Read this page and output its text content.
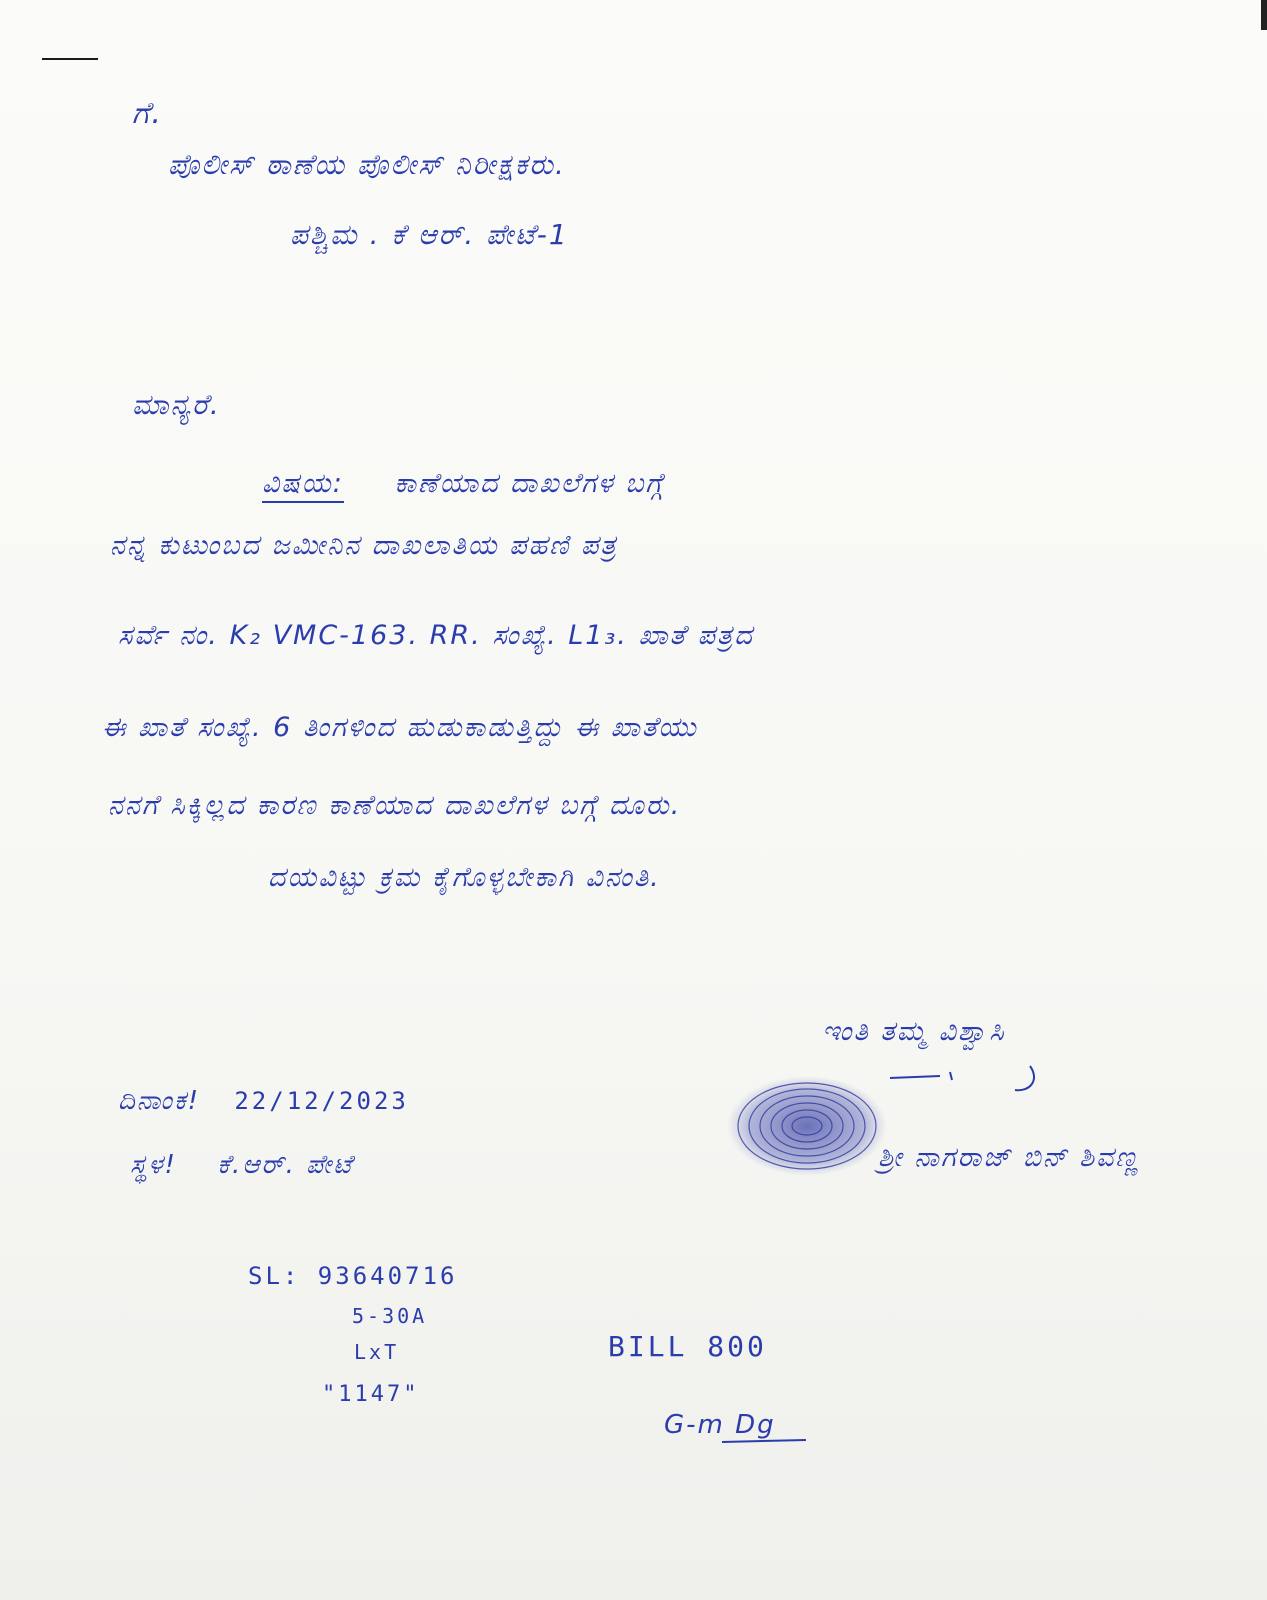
ಗೆ.
ಪೊಲೀಸ್ ಠಾಣೆಯ ಪೊಲೀಸ್ ನಿರೀಕ್ಷಕರು.
ಪಶ್ಚಿಮ . ಕೆ ಆರ್. ಪೇಟೆ-1
ಮಾನ್ಯರೆ.
ವಿಷಯ: ಕಾಣೆಯಾದ ದಾಖಲೆಗಳ ಬಗ್ಗೆ
ನನ್ನ ಕುಟುಂಬದ ಜಮೀನಿನ ದಾಖಲಾತಿಯ ಪಹಣಿ ಪತ್ರ
ಸರ್ವೆ ನಂ. K₂ VMC-163. RR. ಸಂಖ್ಯೆ. L1₃. ಖಾತೆ ಪತ್ರದ
ಈ ಖಾತೆ ಸಂಖ್ಯೆ. 6 ತಿಂಗಳಿಂದ ಹುಡುಕಾಡುತ್ತಿದ್ದು ಈ ಖಾತೆಯು
ನನಗೆ ಸಿಕ್ಕಿಲ್ಲದ ಕಾರಣ ಕಾಣೆಯಾದ ದಾಖಲೆಗಳ ಬಗ್ಗೆ ದೂರು.
ದಯವಿಟ್ಟು ಕ್ರಮ ಕೈಗೊಳ್ಳಬೇಕಾಗಿ ವಿನಂತಿ.
ಇಂತಿ ತಮ್ಮ ವಿಶ್ವಾಸಿ
ಶ್ರೀ ನಾಗರಾಜ್ ಬಿನ್ ಶಿವಣ್ಣ
ದಿನಾಂಕ! 22/12/2023
ಸ್ಥಳ! ಕೆ.ಆರ್. ಪೇಟೆ
SL: 93640716
5-30A
LxT
"1147"
BILL 800
G-m Dg
